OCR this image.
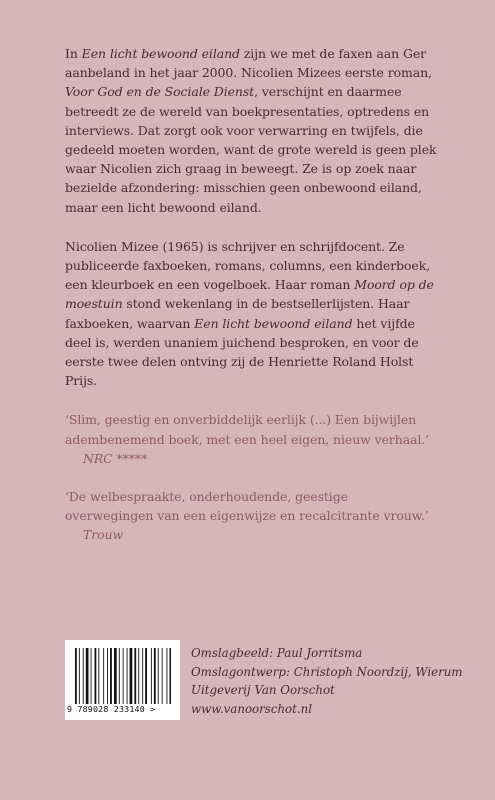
In Een licht bewoond eiland zijn we met de faxen aan Ger aanbeland in het jaar 2000. Nicolien Mizees eerste roman, Voor God en de Sociale Dienst, verschijnt en daarmee betreedt ze de wereld van boekpresentaties, optredens en interviews. Dat zorgt ook voor verwarring en twijfels, die gedeeld moeten worden, want de grote wereld is geen plek waar Nicolien zich graag in beweegt. Ze is op zoek naar bezielde afzondering: misschien geen onbewoond eiland, maar een licht bewoond eiland.

Nicolien Mizee (1965) is schrijver en schrijfdocent. Ze publiceerde faxboeken, romans, columns, een kinderboek, een kleurboek en een vogelboek. Haar roman Moord op de moestuin stond wekenlang in de bestsellerlijsten. Haar faxboeken, waarvan Een licht bewoond eiland het vijfde deel is, werden unaniem juichend besproken, en voor de eerste twee delen ontving zij de Henriette Roland Holst Prijs.

‘Slim, geestig en onverbiddelijk eerlijk (...) Een bijwijlen adembenemend boek, met een heel eigen, nieuw verhaal.’
NRC *****

‘De welbespraakte, onderhoudende, geestige overwegingen van een eigenwijze en recalcitrante vrouw.’
Trouw

9 789028 233140 >
Omslagbeeld: Paul Jorritsma
Omslagontwerp: Christoph Noordzij, Wierum
Uitgeverij Van Oorschot
www.vanoorschot.nl
